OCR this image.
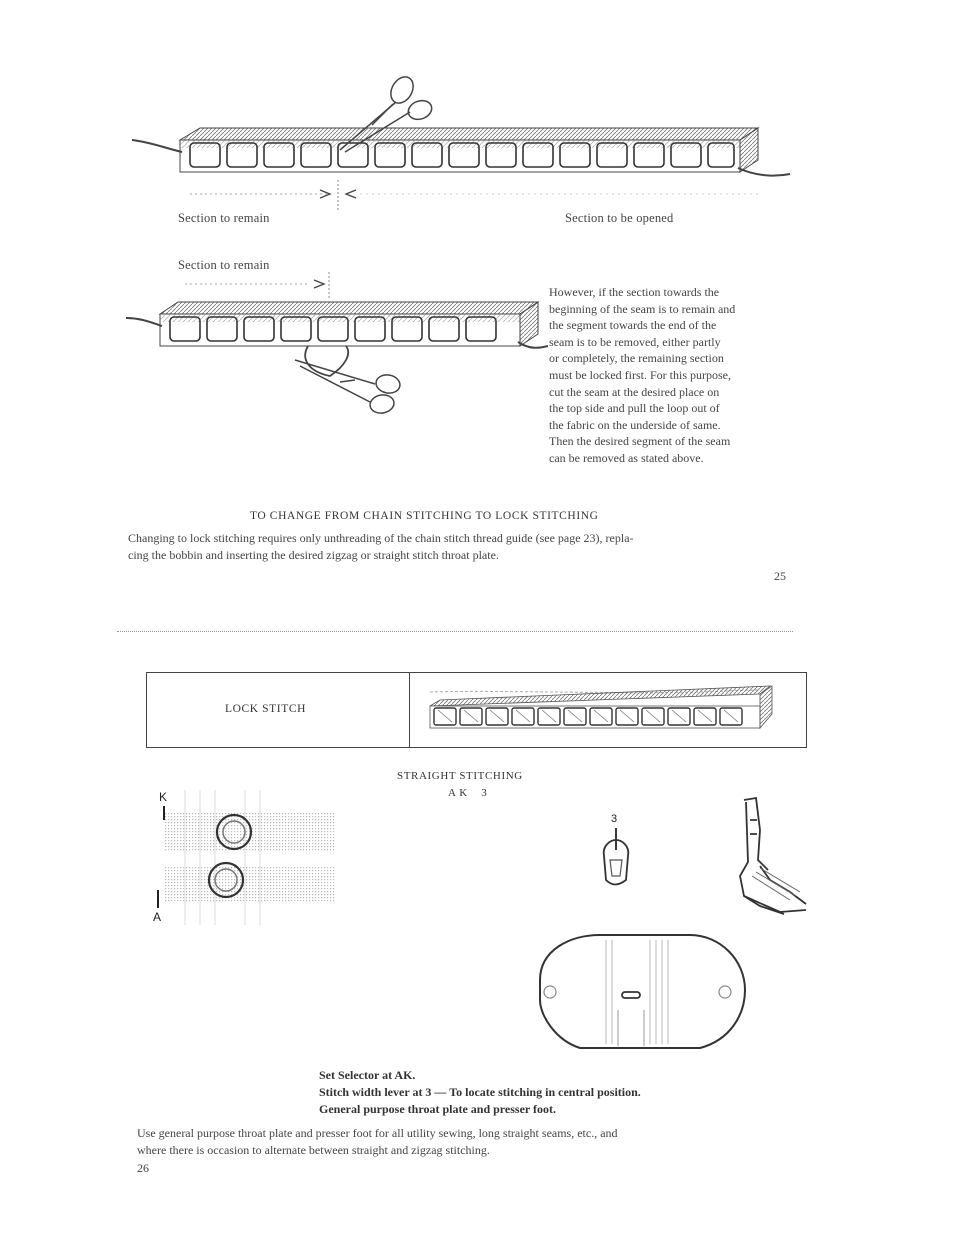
Section to remain	Section to be opened
Section to remain
However, if the section towards the
beginning of the seam is to remain and
the segment towards the end of the
seam is to be removed, either partly
or completely, the remaining section
must be locked first. For this purpose,
cut the seam at the desired place on
the top side and pull the loop out of
the fabric on the underside of same.
Then the desired segment of the seam
can be removed as stated above.
TO CHANGE FROM CHAIN STITCHING TO LOCK STITCHING
Changing to lock stitching requires only unthreading of the chain stitch thread guide (see page 23), repla-
cing the bobbin and inserting the desired zigzag or straight stitch throat plate.
25
LOCK STITCH
STRAIGHT STITCHING
A K    3
K
A
3
Set Selector at AK.
Stitch width lever at 3 — To locate stitching in central position.
General purpose throat plate and presser foot.
Use general purpose throat plate and presser foot for all utility sewing, long straight seams, etc., and
where there is occasion to alternate between straight and zigzag stitching.
26
